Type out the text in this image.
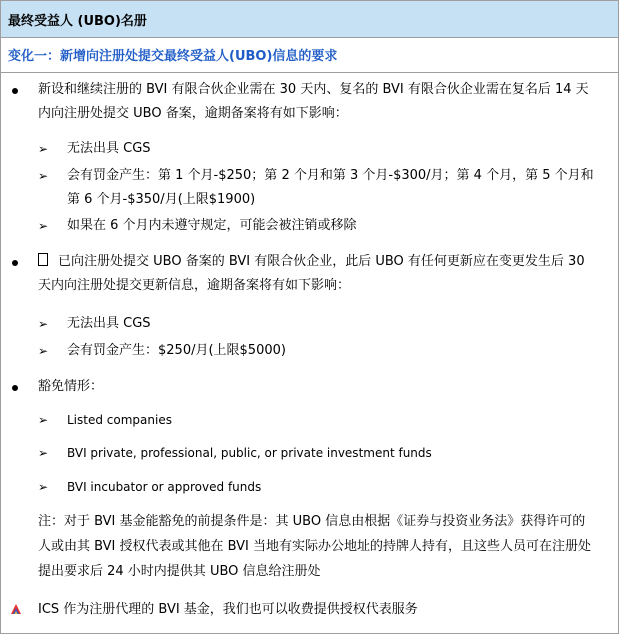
最终受益人 (UBO)名册
变化一：新增向注册处提交最终受益人(UBO)信息的要求
新设和继续注册的 BVI 有限合伙企业需在 30 天内、复名的 BVI 有限合伙企业需在复名后 14 天
内向注册处提交 UBO 备案，逾期备案将有如下影响：
➢ 无法出具 CGS
➢ 会有罚金产生：第 1 个月-$250；第 2 个月和第 3 个月-$300/月；第 4 个月，第 5 个月和
第 6 个月-$350/月(上限$1900)
➢ 如果在 6 个月内未遵守规定，可能会被注销或移除
已向注册处提交 UBO 备案的 BVI 有限合伙企业，此后 UBO 有任何更新应在变更发生后 30
天内向注册处提交更新信息，逾期备案将有如下影响：
➢ 无法出具 CGS
➢ 会有罚金产生：$250/月(上限$5000)
豁免情形：
➢ Listed companies
➢ BVI private, professional, public, or private investment funds
➢ BVI incubator or approved funds
注：对于 BVI 基金能豁免的前提条件是：其 UBO 信息由根据《证券与投资业务法》获得许可的
人或由其 BVI 授权代表或其他在 BVI 当地有实际办公地址的持牌人持有，且这些人员可在注册处
提出要求后 24 小时内提供其 UBO 信息给注册处
ICS 作为注册代理的 BVI 基金，我们也可以收费提供授权代表服务
